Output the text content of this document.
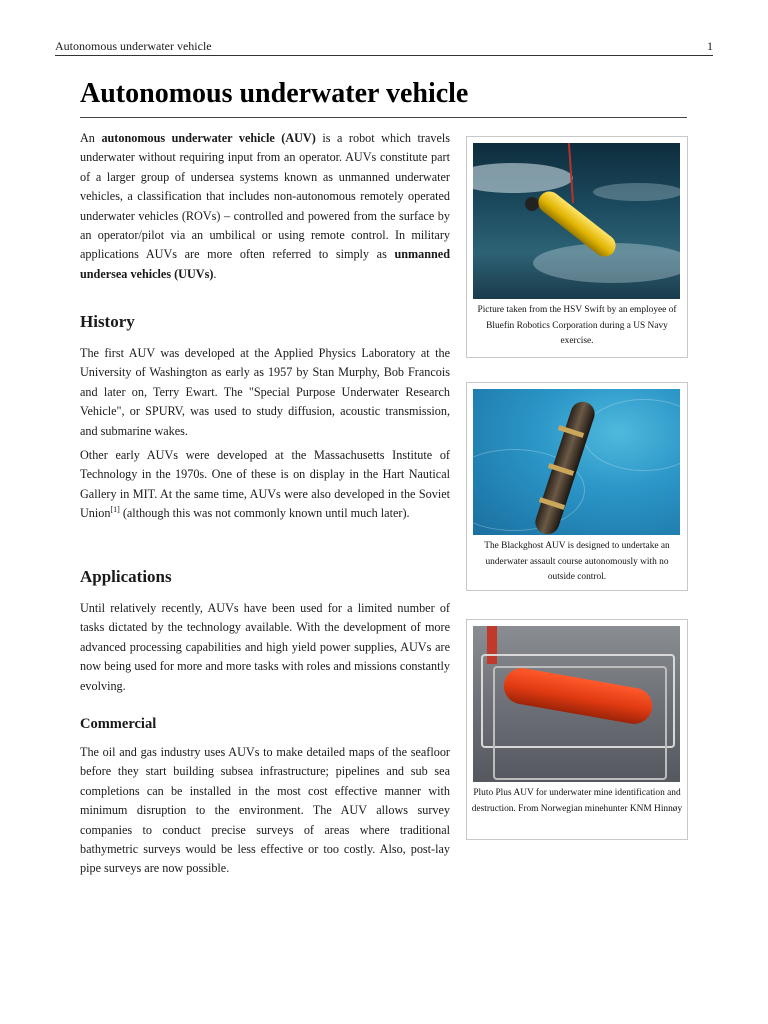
Autonomous underwater vehicle	1
Autonomous underwater vehicle

An autonomous underwater vehicle (AUV) is a robot which travels underwater without requiring input from an operator. AUVs constitute part of a larger group of undersea systems known as unmanned underwater vehicles, a classification that includes non-autonomous remotely operated underwater vehicles (ROVs) – controlled and powered from the surface by an operator/pilot via an umbilical or using remote control. In military applications AUVs are more often referred to simply as unmanned undersea vehicles (UUVs).

History

The first AUV was developed at the Applied Physics Laboratory at the University of Washington as early as 1957 by Stan Murphy, Bob Francois and later on, Terry Ewart. The "Special Purpose Underwater Research Vehicle", or SPURV, was used to study diffusion, acoustic transmission, and submarine wakes.

Other early AUVs were developed at the Massachusetts Institute of Technology in the 1970s. One of these is on display in the Hart Nautical Gallery in MIT. At the same time, AUVs were also developed in the Soviet Union[1] (although this was not commonly known until much later).

Applications

Until relatively recently, AUVs have been used for a limited number of tasks dictated by the technology available. With the development of more advanced processing capabilities and high yield power supplies, AUVs are now being used for more and more tasks with roles and missions constantly evolving.

Commercial

The oil and gas industry uses AUVs to make detailed maps of the seafloor before they start building subsea infrastructure; pipelines and sub sea completions can be installed in the most cost effective manner with minimum disruption to the environment. The AUV allows survey companies to conduct precise surveys of areas where traditional bathymetric surveys would be less effective or too costly. Also, post-lay pipe surveys are now possible.

Picture taken from the HSV Swift by an employee of Bluefin Robotics Corporation during a US Navy exercise.
The Blackghost AUV is designed to undertake an underwater assault course autonomously with no outside control.
Pluto Plus AUV for underwater mine identification and destruction. From Norwegian minehunter KNM Hinnøy
